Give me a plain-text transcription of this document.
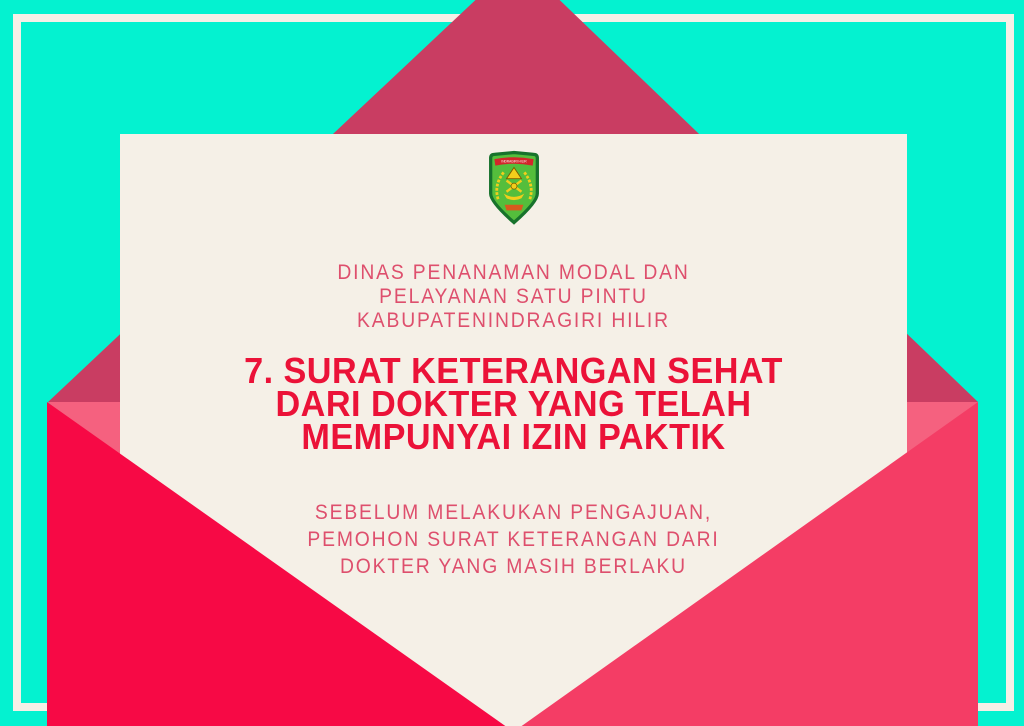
INDRAGIRI HILIR
DINAS PENANAMAN MODAL DAN
PELAYANAN SATU PINTU
KABUPATENINDRAGIRI HILIR
7. SURAT KETERANGAN SEHAT
DARI DOKTER YANG TELAH
MEMPUNYAI IZIN PAKTIK
SEBELUM MELAKUKAN PENGAJUAN,
PEMOHON SURAT KETERANGAN DARI
DOKTER YANG MASIH BERLAKU
